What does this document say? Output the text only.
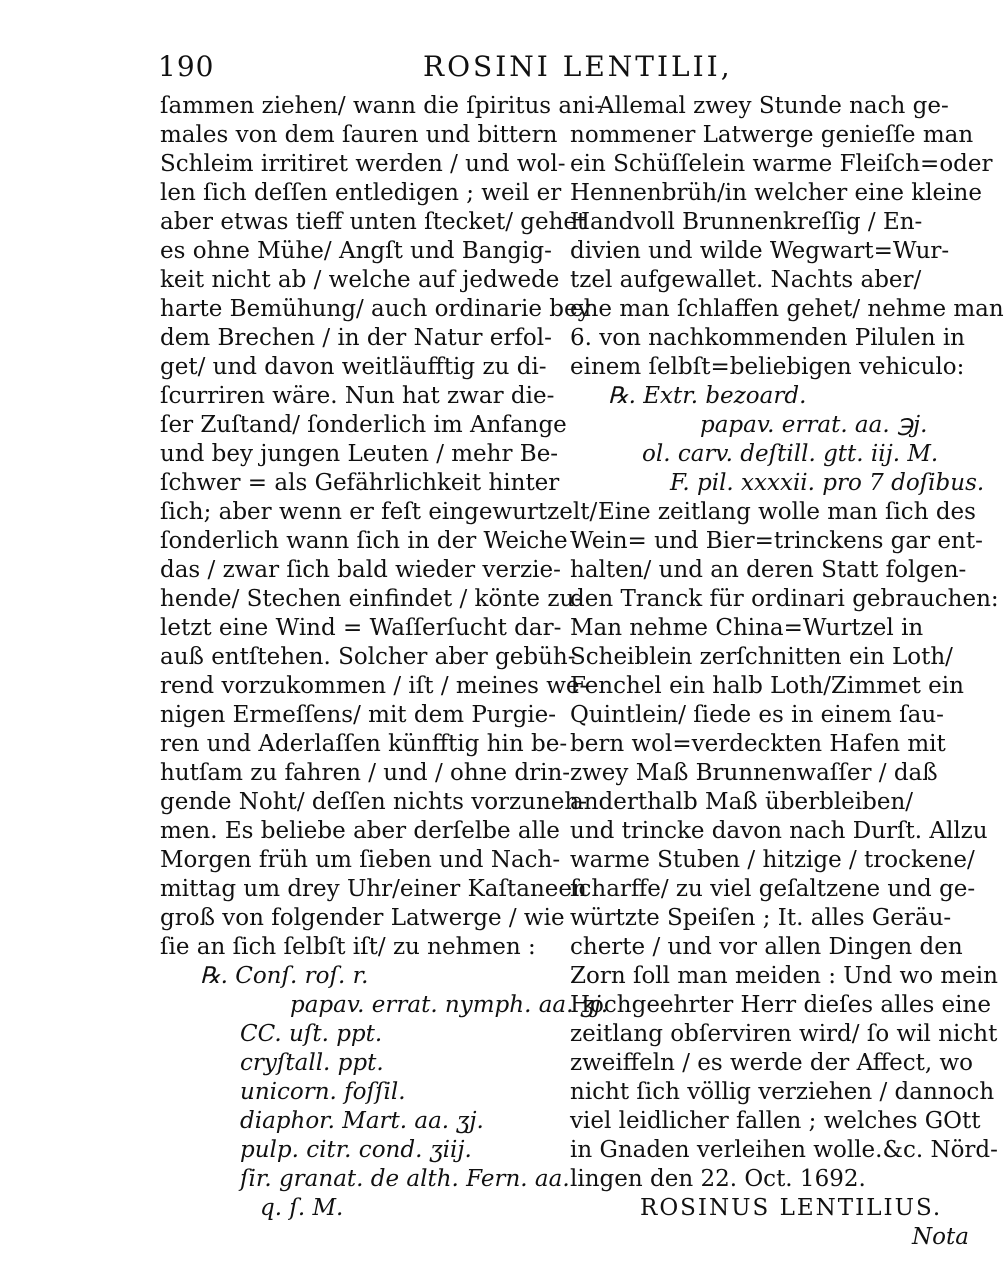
190	ROSINI LENTILII,
ſammen ziehen/ wann die ſpiritus ani-
males von dem ſauren und bittern
Schleim irritiret werden / und wol-
len ſich deſſen entledigen ; weil er
aber etwas tieff unten ſtecket/ gehet
es ohne Mühe/ Angſt und Bangig-
keit nicht ab / welche auf jedwede
harte Bemühung/ auch ordinarie bey
dem Brechen / in der Natur erfol-
get/ und davon weitläufftig zu di-
ſcurriren wäre. Nun hat zwar die-
ſer Zuſtand/ ſonderlich im Anfange
und bey jungen Leuten / mehr Be-
ſchwer = als Gefährlichkeit hinter
ſich; aber wenn er feſt eingewurtzelt/
ſonderlich wann ſich in der Weiche
das / zwar ſich bald wieder verzie-
hende/ Stechen einfindet / könte zu-
letzt eine Wind = Waſſerſucht dar-
auß entſtehen. Solcher aber gebüh-
rend vorzukommen / iſt / meines we-
nigen Ermeſſens/ mit dem Purgie-
ren und Aderlaſſen künfftig hin be-
hutſam zu fahren / und / ohne drin-
gende Noht/ deſſen nichts vorzuneh-
men. Es beliebe aber derſelbe alle
Morgen früh um ſieben und Nach-
mittag um drey Uhr/einer Kaſtaneen
groß von folgender Latwerge / wie
ſie an ſich ſelbſt iſt/ zu nehmen :
℞. Conſ. roſ. r.
papav. errat. nymph. aa. ʒj.
CC. uſt. ppt.
cryſtall. ppt.
unicorn. foſſil.
diaphor. Mart. aa. ʒj.
pulp. citr. cond. ʒiij.
ſir. granat. de alth. Fern. aa.
q. ſ. M.
Allemal zwey Stunde nach ge-
nommener Latwerge genieſſe man
ein Schüſſelein warme Fleiſch=oder
Hennenbrüh/in welcher eine kleine
Handvoll Brunnenkreſſig / En-
divien und wilde Wegwart=Wur-
tzel aufgewallet. Nachts aber/
ehe man ſchlaffen gehet/ nehme man
6. von nachkommenden Pilulen in
einem ſelbſt=beliebigen vehiculo:
℞. Extr. bezoard.
papav. errat. aa. ℈j.
ol. carv. deſtill. gtt. iij. M.
F. pil. xxxxii. pro 7 doſibus.
Eine zeitlang wolle man ſich des
Wein= und Bier=trinckens gar ent-
halten/ und an deren Statt folgen-
den Tranck für ordinari gebrauchen:
Man nehme China=Wurtzel in
Scheiblein zerſchnitten ein Loth/
Fenchel ein halb Loth/Zimmet ein
Quintlein/ ſiede es in einem ſau-
bern wol=verdeckten Hafen mit
zwey Maß Brunnenwaſſer / daß
anderthalb Maß überbleiben/
und trincke davon nach Durſt. Allzu
warme Stuben / hitzige / trockene/
ſcharffe/ zu viel geſaltzene und ge-
würtzte Speiſen ; It. alles Geräu-
cherte / und vor allen Dingen den
Zorn ſoll man meiden : Und wo mein
Hochgeehrter Herr dieſes alles eine
zeitlang obſerviren wird/ ſo wil nicht
zweiffeln / es werde der Affect, wo
nicht ſich völlig verziehen / dannoch
viel leidlicher fallen ; welches GOtt
in Gnaden verleihen wolle.&c. Nörd-
lingen den 22. Oct. 1692.
ROSINUS LENTILIUS.
Nota
